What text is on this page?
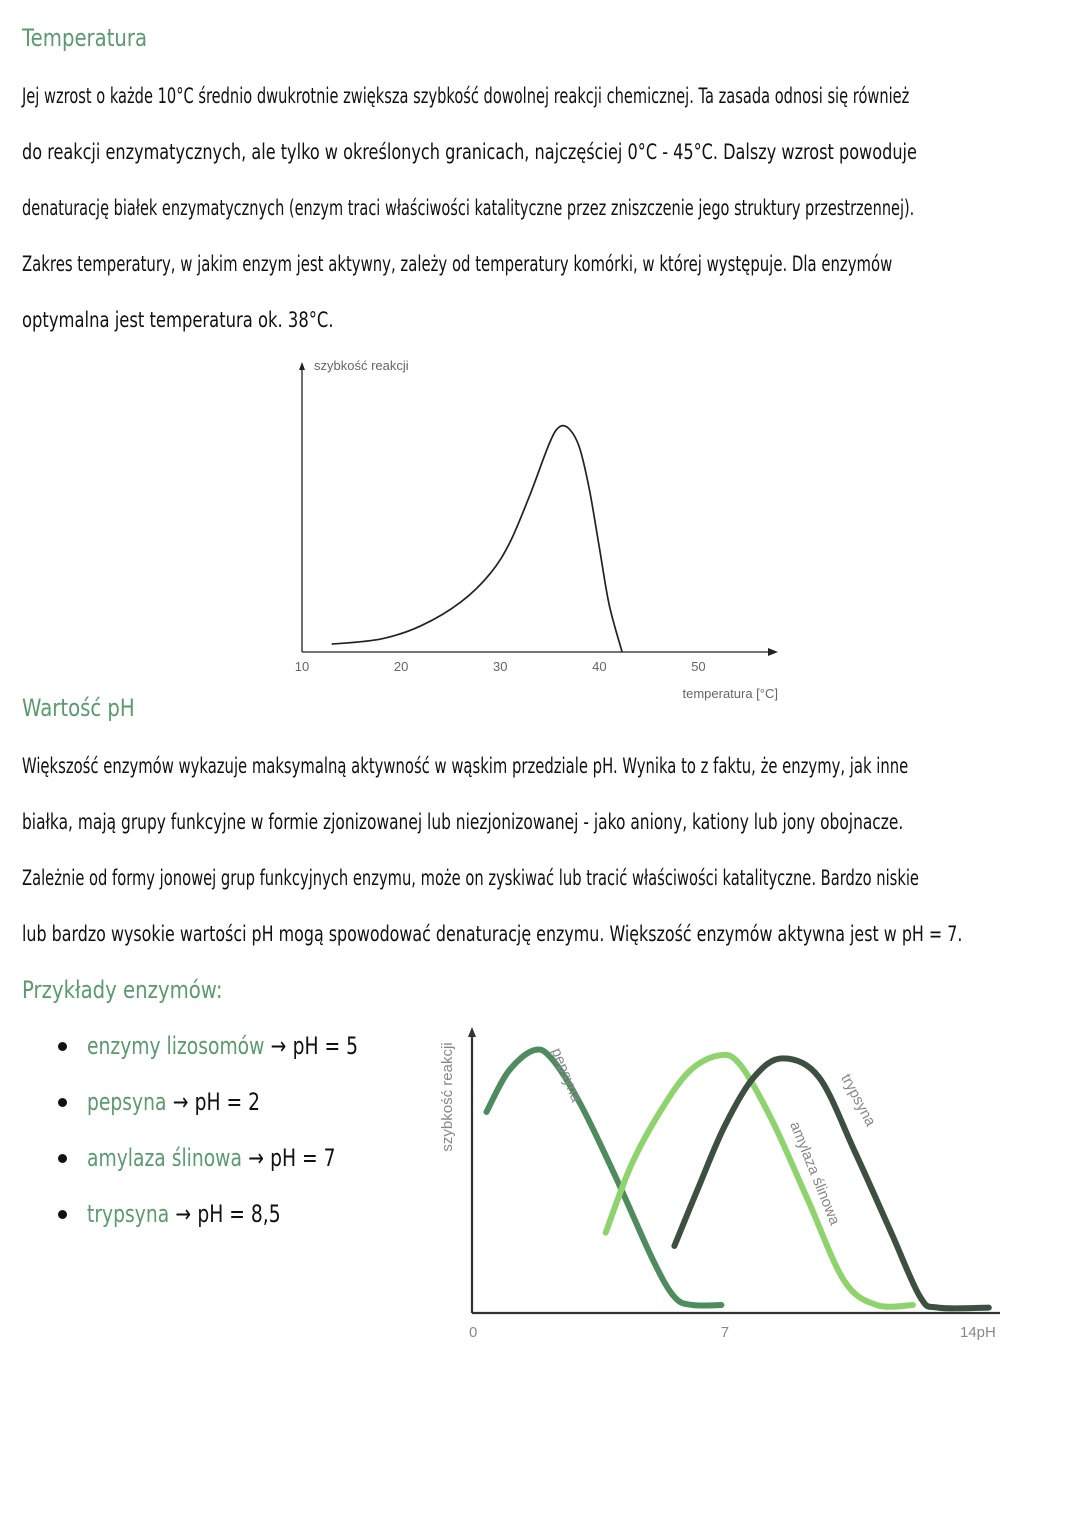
Temperatura
Jej wzrost o każde 10°C średnio dwukrotnie zwiększa szybkość dowolnej reakcji chemicznej. Ta zasada odnosi się również
do reakcji enzymatycznych, ale tylko w określonych granicach, najczęściej 0°C - 45°C. Dalszy wzrost powoduje
denaturację białek enzymatycznych (enzym traci właściwości katalityczne przez zniszczenie jego struktury przestrzennej).
Zakres temperatury, w jakim enzym jest aktywny, zależy od temperatury komórki, w której występuje. Dla enzymów
optymalna jest temperatura ok. 38°C.
szybkość reakcji
10	20	30	40	50
temperatura [°C]
Wartość pH
Większość enzymów wykazuje maksymalną aktywność w wąskim przedziale pH. Wynika to z faktu, że enzymy, jak inne
białka, mają grupy funkcyjne w formie zjonizowanej lub niezjonizowanej - jako aniony, kationy lub jony obojnacze.
Zależnie od formy jonowej grup funkcyjnych enzymu, może on zyskiwać lub tracić właściwości katalityczne. Bardzo niskie
lub bardzo wysokie wartości pH mogą spowodować denaturację enzymu. Większość enzymów aktywna jest w pH = 7.
Przykłady enzymów:
enzymy lizosomów → pH = 5
pepsyna → pH = 2
amylaza ślinowa → pH = 7
trypsyna → pH = 8,5
szybkość reakcji
0	7	14pH
pepsyna
amylaza ślinowa
trypsyna
